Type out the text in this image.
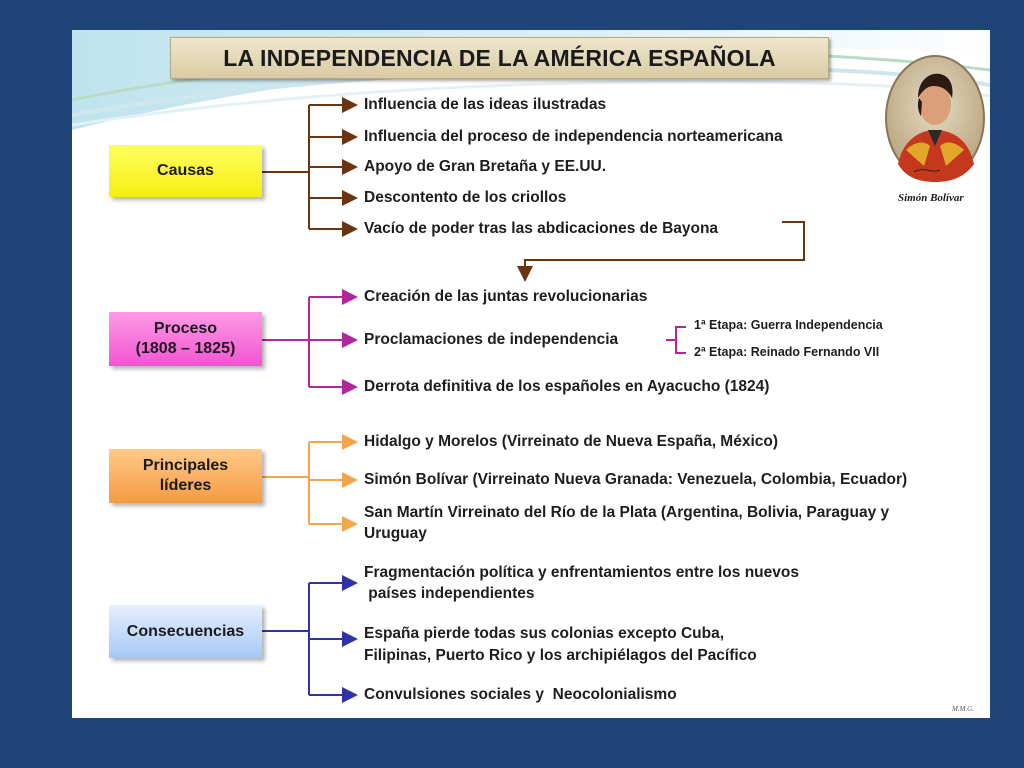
LA INDEPENDENCIA DE LA AMÉRICA ESPAÑOLA
Causas
Proceso
(1808 – 1825)
Principales
líderes
Consecuencias
Influencia de las ideas ilustradas
Influencia del proceso de independencia norteamericana
Apoyo de Gran Bretaña y EE.UU.
Descontento de los criollos
Vacío de poder tras las abdicaciones de Bayona
Creación de las juntas revolucionarias
Proclamaciones de independencia
Derrota definitiva de los españoles en Ayacucho (1824)
1ª Etapa: Guerra Independencia
2ª Etapa: Reinado Fernando VII
Hidalgo y Morelos (Virreinato de Nueva España, México)
Simón Bolívar (Virreinato Nueva Granada: Venezuela, Colombia, Ecuador)
San Martín Virreinato del Río de la Plata (Argentina, Bolivia, Paraguay y
Uruguay
Fragmentación política y enfrentamientos entre los nuevos
países independientes
España pierde todas sus colonias excepto Cuba,
Filipinas, Puerto Rico y los archipiélagos del Pacífico
Convulsiones sociales y  Neocolonialismo
Simón Bolívar
M.M.G.
